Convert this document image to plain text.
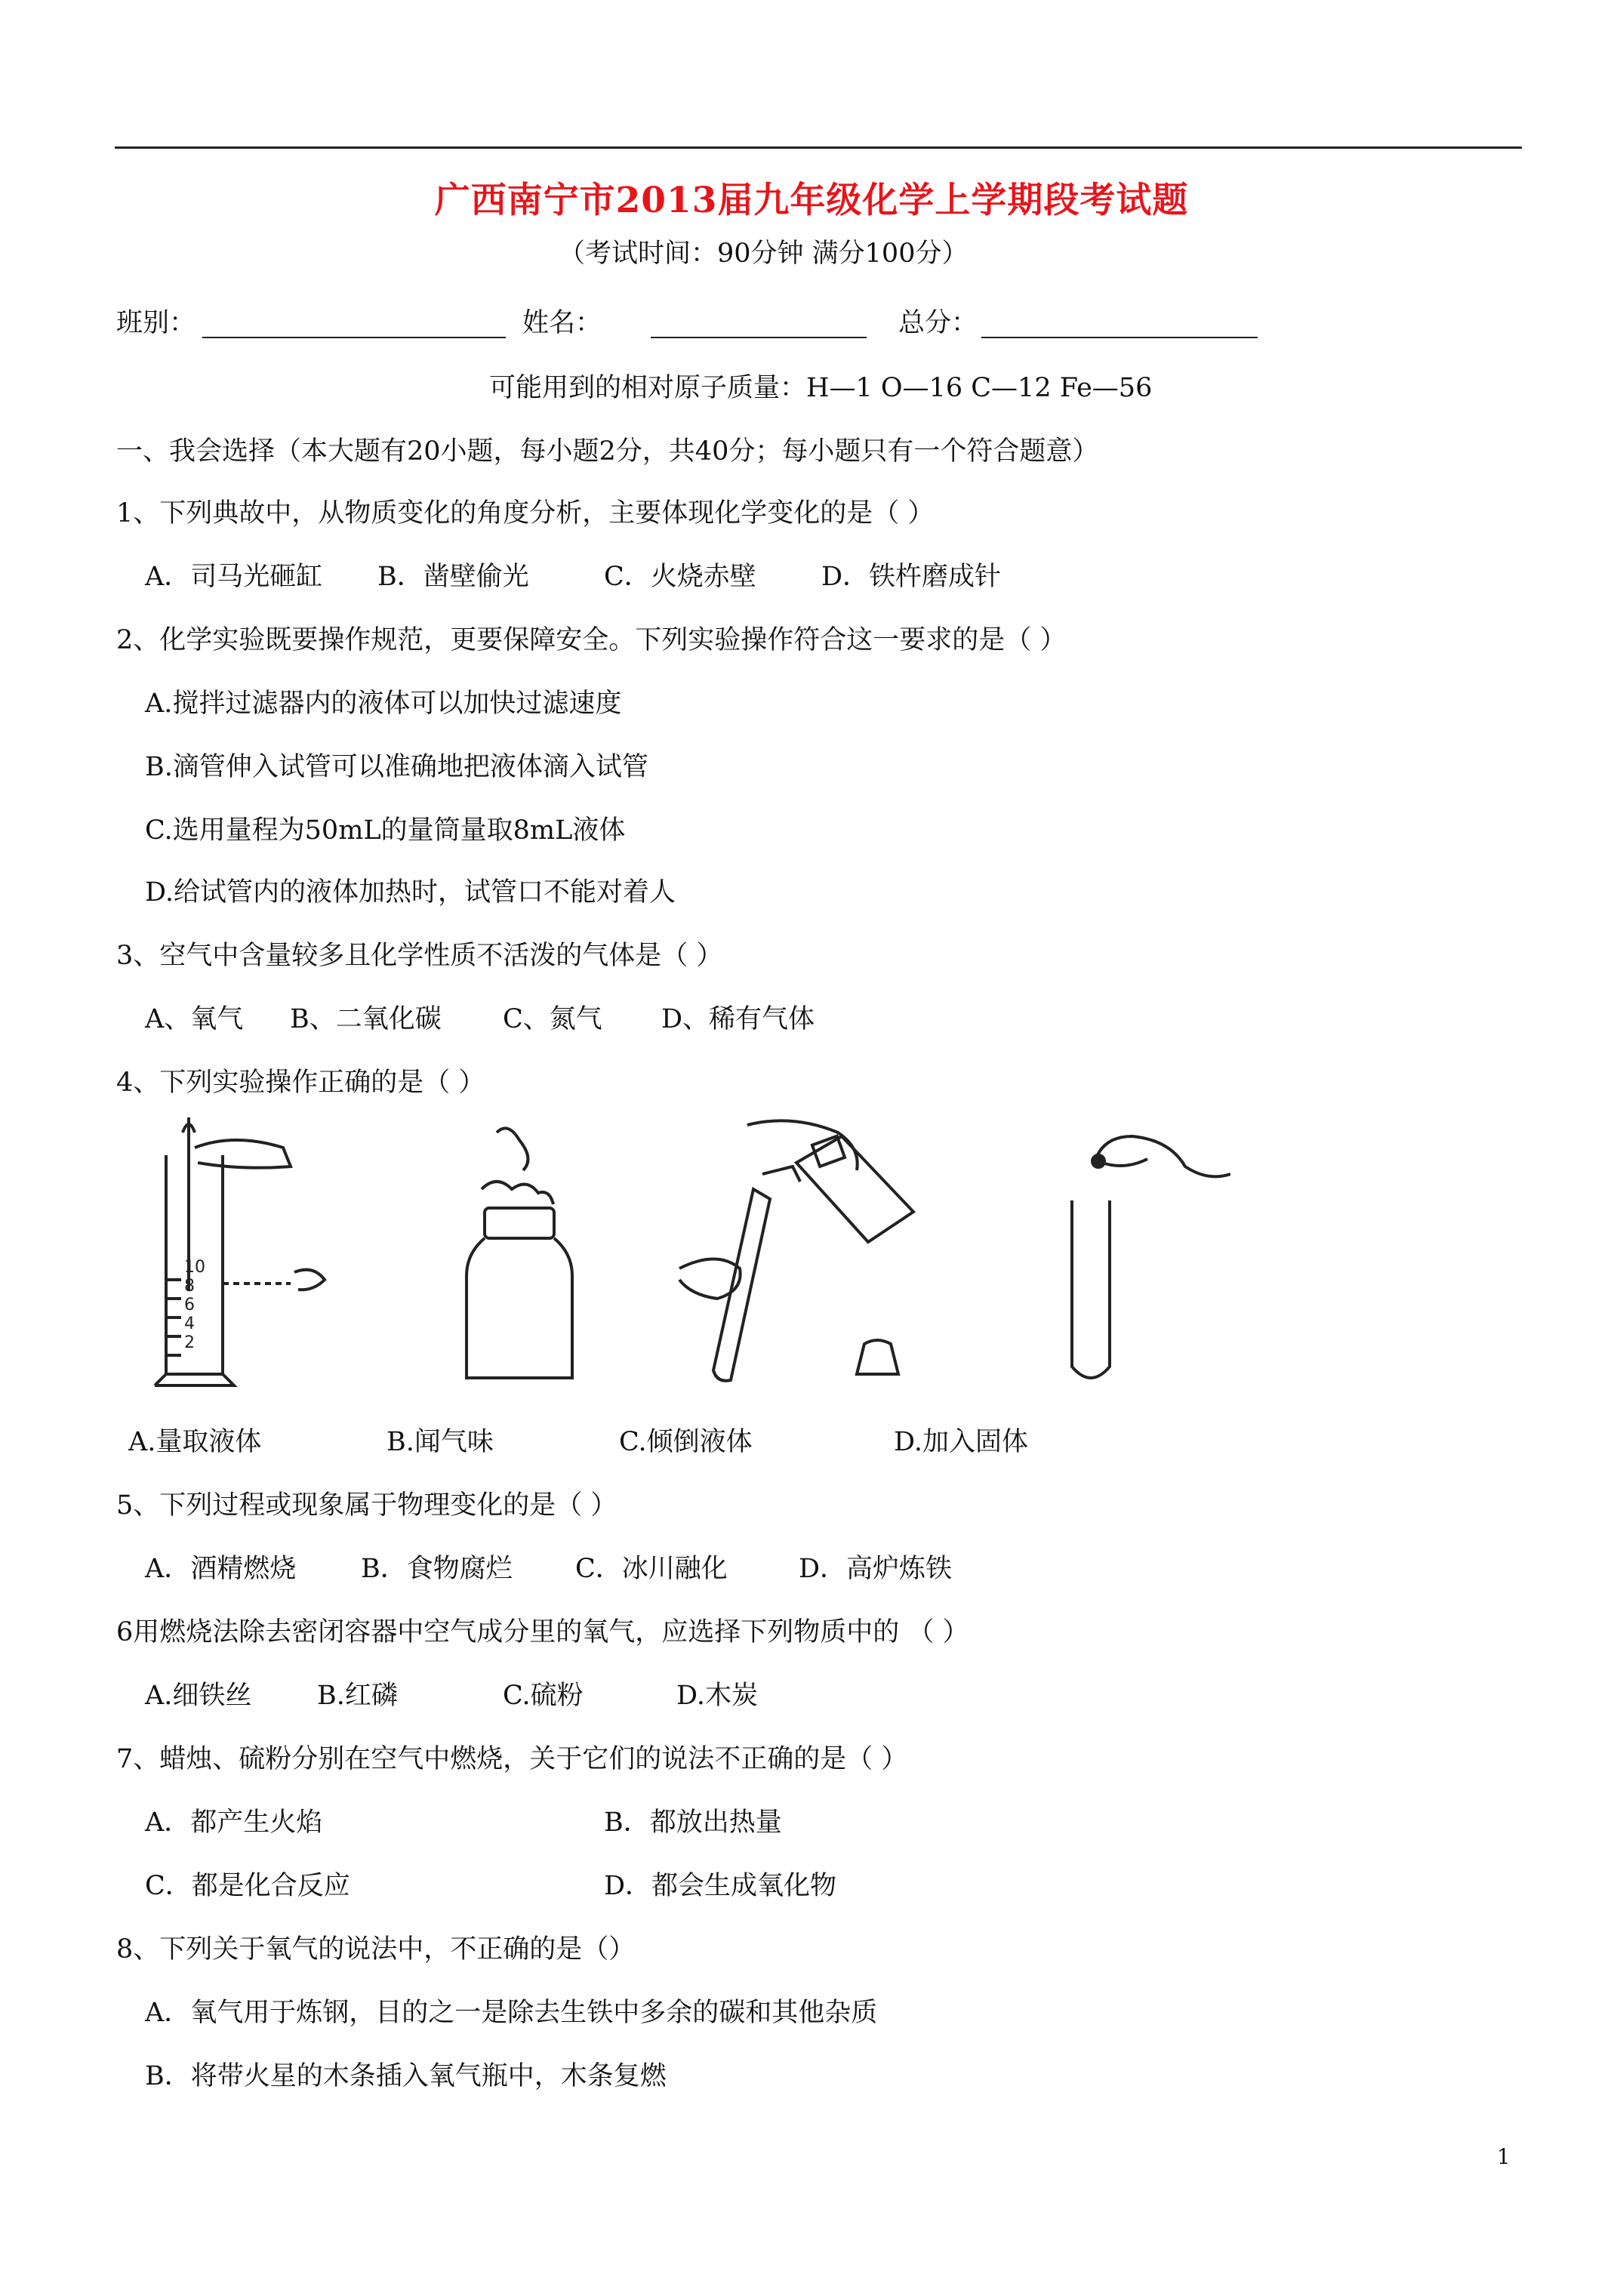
广西南宁市2013届九年级化学上学期段考试题
（考试时间：90分钟 满分100分）
班别：	姓名：	总分：
可能用到的相对原子质量：H—1 O—16 C—12 Fe—56
一、我会选择（本大题有20小题，每小题2分，共40分；每小题只有一个符合题意）
1、下列典故中，从物质变化的角度分析，主要体现化学变化的是（ ）
A．司马光砸缸 B．凿壁偷光	C．火烧赤壁 D．铁杵磨成针
2、化学实验既要操作规范，更要保障安全。下列实验操作符合这一要求的是（ ）
A.搅拌过滤器内的液体可以加快过滤速度
B.滴管伸入试管可以准确地把液体滴入试管
C.选用量程为50mL的量筒量取8mL液体
D.给试管内的液体加热时，试管口不能对着人
3、空气中含量较多且化学性质不活泼的气体是（ ）
A、氧气 B、二氧化碳 C、氮气 D、稀有气体
4、下列实验操作正确的是（ ）
10
8
6
4
2
A.量取液体	B.闻气味	C.倾倒液体	D.加入固体
5、下列过程或现象属于物理变化的是（ ）
A．酒精燃烧 B．食物腐烂 C．冰川融化	D．高炉炼铁
6用燃烧法除去密闭容器中空气成分里的氧气，应选择下列物质中的 （ ）
A.细铁丝 B.红磷	C.硫粉	D.木炭
7、蜡烛、硫粉分别在空气中燃烧，关于它们的说法不正确的是（ ）
A．都产生火焰	B．都放出热量
C．都是化合反应	D．都会生成氧化物
8、下列关于氧气的说法中，不正确的是（）
A．氧气用于炼钢，目的之一是除去生铁中多余的碳和其他杂质
B．将带火星的木条插入氧气瓶中，木条复燃
1
